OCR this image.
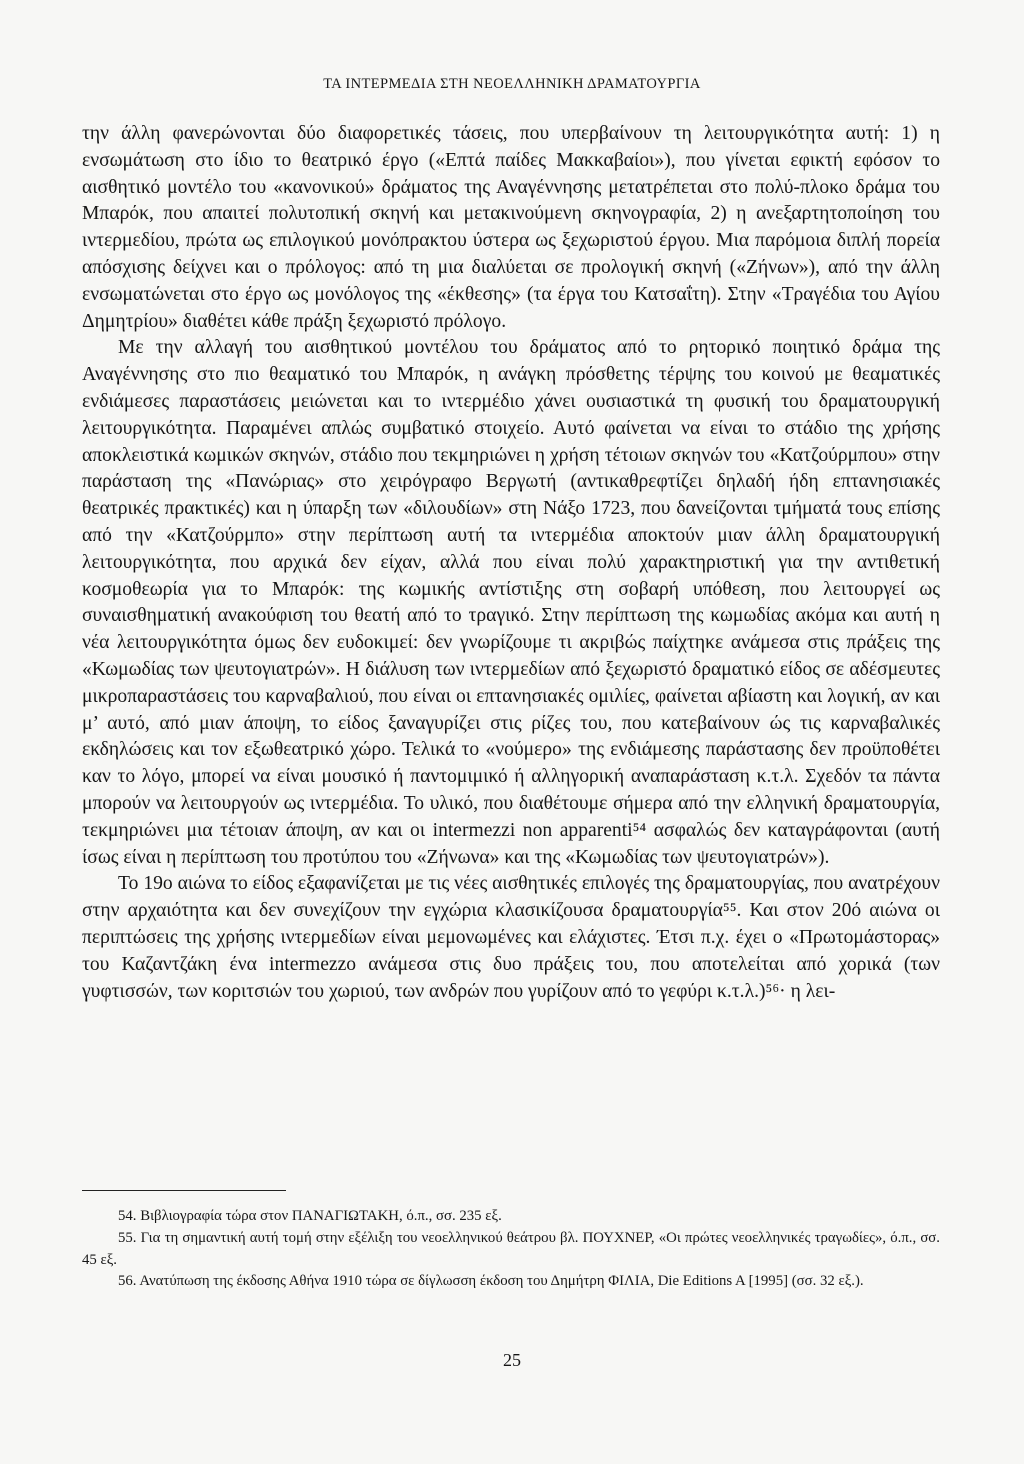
ΤΑ ΙΝΤΕΡΜΕΔΙΑ ΣΤΗ ΝΕΟΕΛΛΗΝΙΚΗ ΔΡΑΜΑΤΟΥΡΓΙΑ

την άλλη φανερώνονται δύο διαφορετικές τάσεις, που υπερβαίνουν τη λειτουργικότητα αυτή: 1) η ενσωμάτωση στο ίδιο το θεατρικό έργο («Επτά παίδες Μακκαβαίοι»), που γίνεται εφικτή εφόσον το αισθητικό μοντέλο του «κανονικού» δράματος της Αναγέννησης μετατρέπεται στο πολύ-πλοκο δράμα του Μπαρόκ, που απαιτεί πολυτοπική σκηνή και μετακινούμενη σκηνογραφία, 2) η ανεξαρτητοποίηση του ιντερμεδίου, πρώτα ως επιλογικού μονόπρακτου ύστερα ως ξεχωριστού έργου. Μια παρόμοια διπλή πορεία απόσχισης δείχνει και ο πρόλογος: από τη μια διαλύεται σε προλογική σκηνή («Ζήνων»), από την άλλη ενσωματώνεται στο έργο ως μονόλογος της «έκθεσης» (τα έργα του Κατσαΐτη). Στην «Τραγέδια του Αγίου Δημητρίου» διαθέτει κάθε πράξη ξεχωριστό πρόλογο.

Με την αλλαγή του αισθητικού μοντέλου του δράματος από το ρητορικό ποιητικό δράμα της Αναγέννησης στο πιο θεαματικό του Μπαρόκ, η ανάγκη πρόσθετης τέρψης του κοινού με θεαματικές ενδιάμεσες παραστάσεις μειώνεται και το ιντερμέδιο χάνει ουσιαστικά τη φυσική του δραματουργική λειτουργικότητα. Παραμένει απλώς συμβατικό στοιχείο. Αυτό φαίνεται να είναι το στάδιο της χρήσης αποκλειστικά κωμικών σκηνών, στάδιο που τεκμηριώνει η χρήση τέτοιων σκηνών του «Κατζούρμπου» στην παράσταση της «Πανώριας» στο χειρόγραφο Βεργωτή (αντικαθρεφτίζει δηλαδή ήδη επτανησιακές θεατρικές πρακτικές) και η ύπαρξη των «διλουδίων» στη Νάξο 1723, που δανείζονται τμήματά τους επίσης από την «Κατζούρμπο» στην περίπτωση αυτή τα ιντερμέδια αποκτούν μιαν άλλη δραματουργική λειτουργικότητα, που αρχικά δεν είχαν, αλλά που είναι πολύ χαρακτηριστική για την αντιθετική κοσμοθεωρία για το Μπαρόκ: της κωμικής αντίστιξης στη σοβαρή υπόθεση, που λειτουργεί ως συναισθηματική ανακούφιση του θεατή από το τραγικό. Στην περίπτωση της κωμωδίας ακόμα και αυτή η νέα λειτουργικότητα όμως δεν ευδοκιμεί: δεν γνωρίζουμε τι ακριβώς παίχτηκε ανάμεσα στις πράξεις της «Κωμωδίας των ψευτογιατρών». Η διάλυση των ιντερμεδίων από ξεχωριστό δραματικό είδος σε αδέσμευτες μικροπαραστάσεις του καρναβαλιού, που είναι οι επτανησιακές ομιλίες, φαίνεται αβίαστη και λογική, αν και μ’ αυτό, από μιαν άποψη, το είδος ξαναγυρίζει στις ρίζες του, που κατεβαίνουν ώς τις καρναβαλικές εκδηλώσεις και τον εξωθεατρικό χώρο. Τελικά το «νούμερο» της ενδιάμεσης παράστασης δεν προϋποθέτει καν το λόγο, μπορεί να είναι μουσικό ή παντομιμικό ή αλληγορική αναπαράσταση κ.τ.λ. Σχεδόν τα πάντα μπορούν να λειτουργούν ως ιντερμέδια. Το υλικό, που διαθέτουμε σήμερα από την ελληνική δραματουργία, τεκμηριώνει μια τέτοιαν άποψη, αν και οι intermezzi non apparenti⁵⁴ ασφαλώς δεν καταγράφονται (αυτή ίσως είναι η περίπτωση του προτύπου του «Ζήνωνα» και της «Κωμωδίας των ψευτογιατρών»).

Το 19ο αιώνα το είδος εξαφανίζεται με τις νέες αισθητικές επιλογές της δραματουργίας, που ανατρέχουν στην αρχαιότητα και δεν συνεχίζουν την εγχώρια κλασικίζουσα δραματουργία⁵⁵. Και στον 20ό αιώνα οι περιπτώσεις της χρήσης ιντερμεδίων είναι μεμονωμένες και ελάχιστες. Έτσι π.χ. έχει ο «Πρωτομάστορας» του Καζαντζάκη ένα intermezzo ανάμεσα στις δυο πράξεις του, που αποτελείται από χορικά (των γυφτισσών, των κοριτσιών του χωριού, των ανδρών που γυρίζουν από το γεφύρι κ.τ.λ.)⁵⁶· η λει-

54. Βιβλιογραφία τώρα στον ΠΑΝΑΓΙΩΤΑΚΗ, ό.π., σσ. 235 εξ.

55. Για τη σημαντική αυτή τομή στην εξέλιξη του νεοελληνικού θεάτρου βλ. ΠΟΥΧΝΕΡ, «Οι πρώτες νεοελληνικές τραγωδίες», ό.π., σσ. 45 εξ.

56. Ανατύπωση της έκδοσης Αθήνα 1910 τώρα σε δίγλωσση έκδοση του Δημήτρη ΦΙΛΙΑ, Die Editions A [1995] (σσ. 32 εξ.).

25
